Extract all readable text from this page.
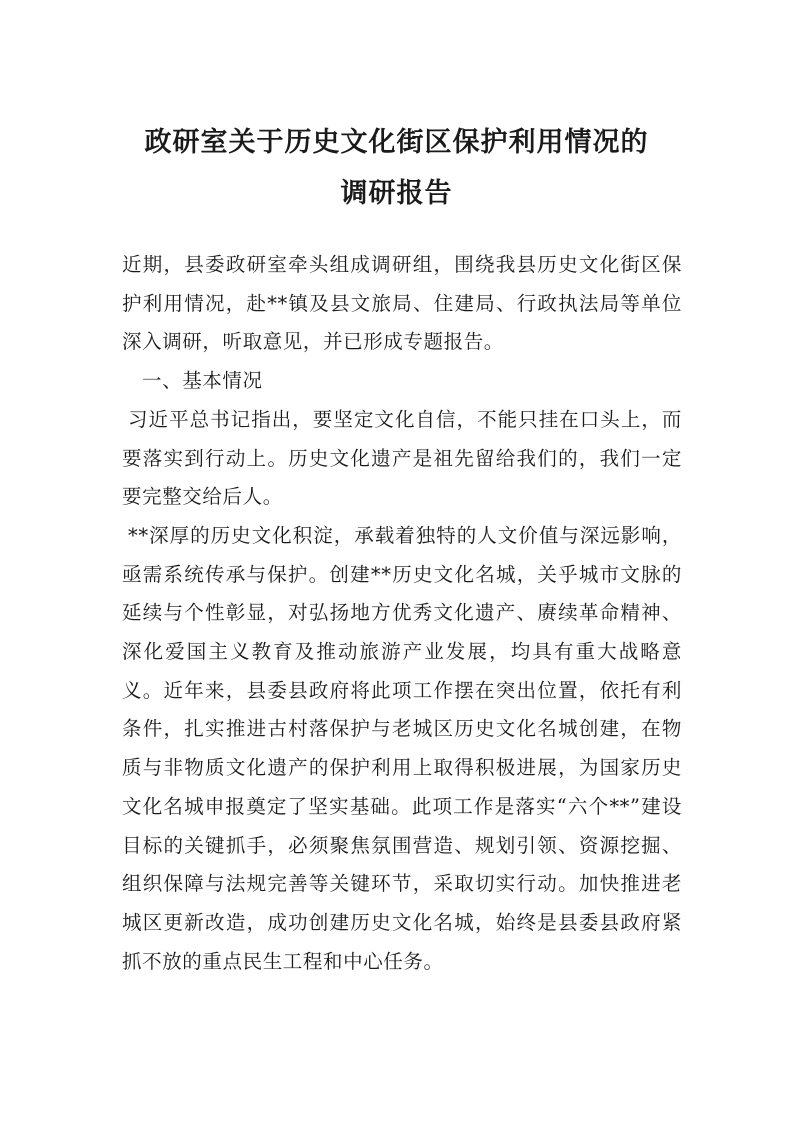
政研室关于历史文化街区保护利用情况的
调研报告

近期，县委政研室牵头组成调研组，围绕我县历史文化街区保护利用情况，赴**镇及县文旅局、住建局、行政执法局等单位深入调研，听取意见，并已形成专题报告。

一、基本情况

习近平总书记指出，要坚定文化自信，不能只挂在口头上，而要落实到行动上。历史文化遗产是祖先留给我们的，我们一定要完整交给后人。

**深厚的历史文化积淀，承载着独特的人文价值与深远影响，亟需系统传承与保护。创建**历史文化名城，关乎城市文脉的延续与个性彰显，对弘扬地方优秀文化遗产、赓续革命精神、深化爱国主义教育及推动旅游产业发展，均具有重大战略意义。近年来，县委县政府将此项工作摆在突出位置，依托有利条件，扎实推进古村落保护与老城区历史文化名城创建，在物质与非物质文化遗产的保护利用上取得积极进展，为国家历史文化名城申报奠定了坚实基础。此项工作是落实“六个**”建设目标的关键抓手，必须聚焦氛围营造、规划引领、资源挖掘、组织保障与法规完善等关键环节，采取切实行动。加快推进老城区更新改造，成功创建历史文化名城，始终是县委县政府紧抓不放的重点民生工程和中心任务。
